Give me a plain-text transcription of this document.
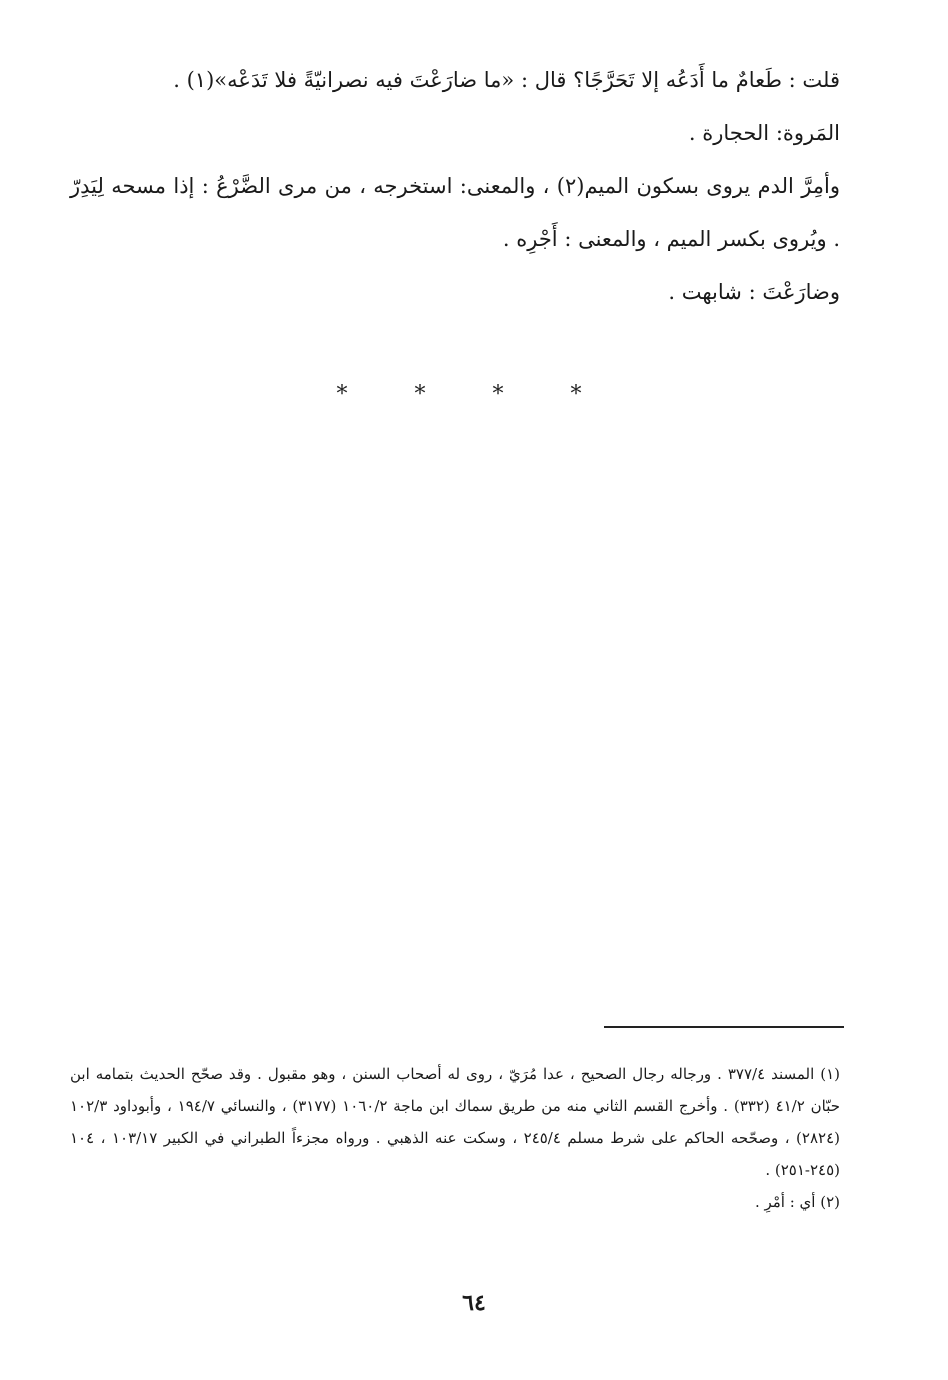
قلت : طَعامٌ ما أَدَعُه إلا تَحَرَّجًا؟ قال : «ما ضارَعْتَ فيه نصرانيّةً فلا تَدَعْه»(١) .

المَروة: الحجارة .

وأمِرَّ الدم يروى بسكون الميم(٢) ، والمعنى: استخرجه ، من مرى الضَّرْعُ : إذا مسحه لِيَدِرّ . ويُروى بكسر الميم ، والمعنى : أَجْرِه .

وضارَعْتَ : شابهت .

* * * *

(١) المسند ٣٧٧/٤ . ورجاله رجال الصحيح ، عدا مُرَيّ ، روى له أصحاب السنن ، وهو مقبول . وقد صحّح الحديث بتمامه ابن حبّان ٤١/٢ (٣٣٢) . وأخرج القسم الثاني منه من طريق سماك ابن ماجة ١٠٦٠/٢ (٣١٧٧) ، والنسائي ١٩٤/٧ ، وأبوداود ١٠٢/٣ (٢٨٢٤) ، وصحّحه الحاكم على شرط مسلم ٢٤٥/٤ ، وسكت عنه الذهبي . ورواه مجزءاً الطبراني في الكبير ١٠٣/١٧ ، ١٠٤ (٢٤٥-٢٥١) .

(٢) أي : أمْرِ .

٦٤
